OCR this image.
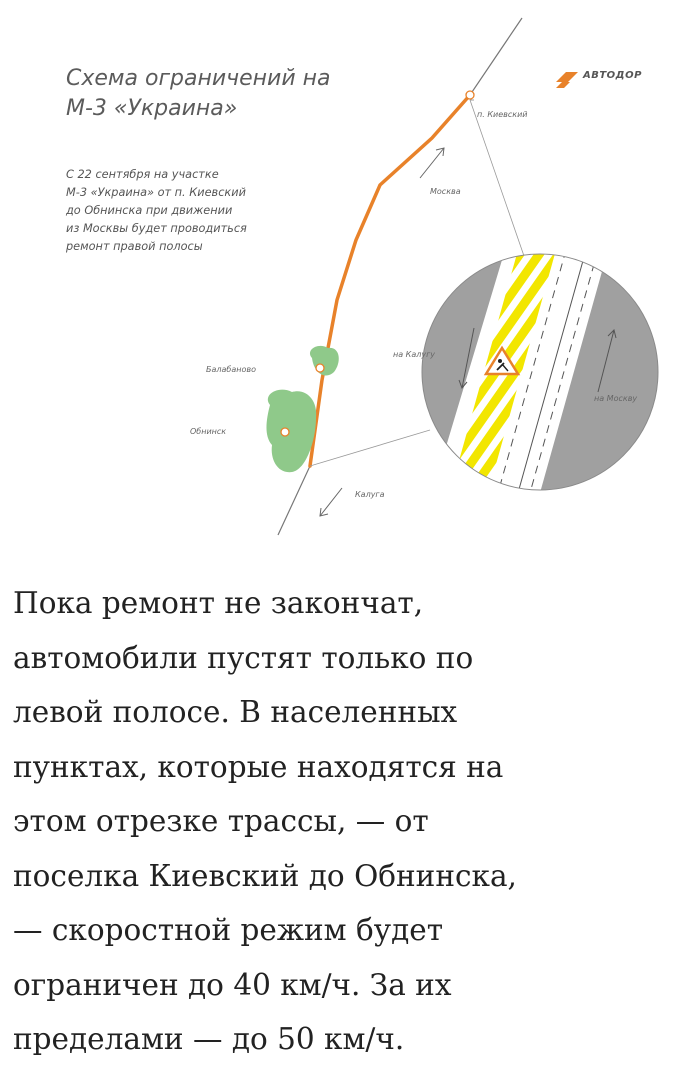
Схема ограничений на
М-3 «Украина»
С 22 сентября на участке
М-3 «Украина» от п. Киевский
до Обнинска при движении
из Москвы будет проводиться
ремонт правой полосы
АВТОДОР
п. Киевский
Москва
Балабаново
Обнинск
Калуга
на Калугу
на Москву
Пока ремонт не закончат,
автомобили пустят только по
левой полосе. В населенных
пунктах, которые находятся на
этом отрезке трассы, — от
поселка Киевский до Обнинска,
— скоростной режим будет
ограничен до 40 км/ч. За их
пределами — до 50 км/ч.
